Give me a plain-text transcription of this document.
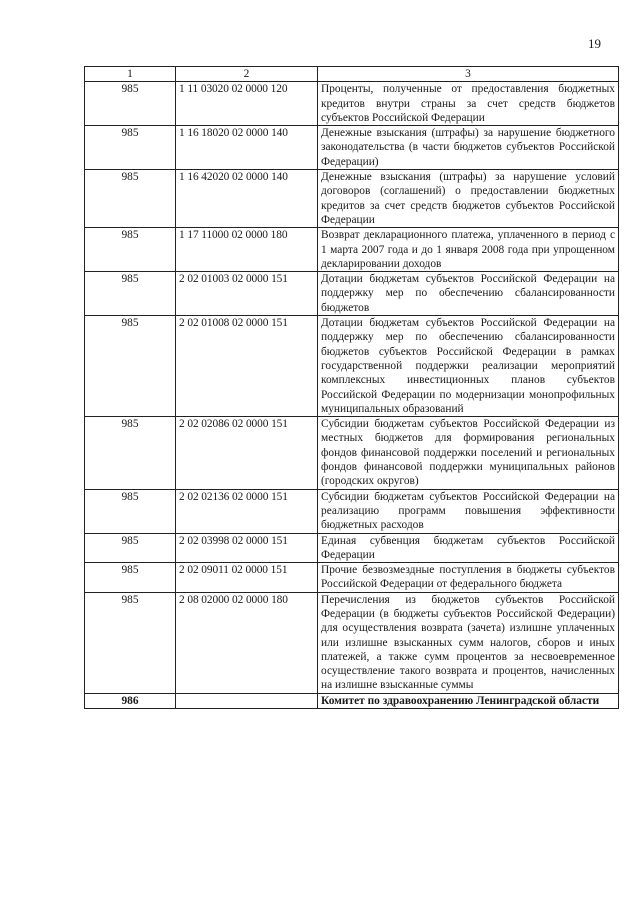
19
1	2	3
985	1 11 03020 02 0000 120	Проценты, полученные от предоставления бюджетных кредитов внутри страны за счет средств бюджетов субъектов Российской Федерации
985	1 16 18020 02 0000 140	Денежные взыскания (штрафы) за нарушение бюджетного законодательства (в части бюджетов субъектов Российской Федерации)
985	1 16 42020 02 0000 140	Денежные взыскания (штрафы) за нарушение условий договоров (соглашений) о предоставлении бюджетных кредитов за счет средств бюджетов субъектов Российской Федерации
985	1 17 11000 02 0000 180	Возврат декларационного платежа, уплаченного в период с 1 марта 2007 года и до 1 января 2008 года при упрощенном декларировании доходов
985	2 02 01003 02 0000 151	Дотации бюджетам субъектов Российской Федерации на поддержку мер по обеспечению сбалансированности бюджетов
985	2 02 01008 02 0000 151	Дотации бюджетам субъектов Российской Федерации на поддержку мер по обеспечению сбалансированности бюджетов субъектов Российской Федерации в рамках государственной поддержки реализации мероприятий комплексных инвестиционных планов субъектов Российской Федерации по модернизации монопрофильных муниципальных образований
985	2 02 02086 02 0000 151	Субсидии бюджетам субъектов Российской Федерации из местных бюджетов для формирования региональных фондов финансовой поддержки поселений и региональных фондов финансовой поддержки муниципальных районов (городских округов)
985	2 02 02136 02 0000 151	Субсидии бюджетам субъектов Российской Федерации на реализацию программ повышения эффективности бюджетных расходов
985	2 02 03998 02 0000 151	Единая субвенция бюджетам субъектов Российской Федерации
985	2 02 09011 02 0000 151	Прочие безвозмездные поступления в бюджеты субъектов Российской Федерации от федерального бюджета
985	2 08 02000 02 0000 180	Перечисления из бюджетов субъектов Российской Федерации (в бюджеты субъектов Российской Федерации) для осуществления возврата (зачета) излишне уплаченных или излишне взысканных сумм налогов, сборов и иных платежей, а также сумм процентов за несвоевременное осуществление такого возврата и процентов, начисленных на излишне взысканные суммы
986		Комитет по здравоохранению Ленинградской области
